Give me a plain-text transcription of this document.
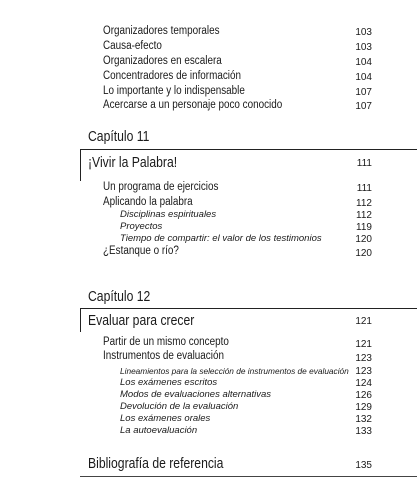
Organizadores temporales	103
Causa-efecto	103
Organizadores en escalera	104
Concentradores de información	104
Lo importante y lo indispensable	107
Acercarse a un personaje poco conocido	107
Capítulo 11
¡Vivir la Palabra!	111
Un programa de ejercicios	111
Aplicando la palabra	112
Disciplinas espirituales	112
Proyectos	119
Tiempo de compartir: el valor de los testimonios	120
¿Estanque o río?	120
Capítulo 12
Evaluar para crecer	121
Partir de un mismo concepto	121
Instrumentos de evaluación	123
Lineamientos para la selección de instrumentos de evaluación 123
Los exámenes escritos	124
Modos de evaluaciones alternativas	126
Devolución de la evaluación	129
Los exámenes orales	132
La autoevaluación	133
Bibliografía de referencia	135
